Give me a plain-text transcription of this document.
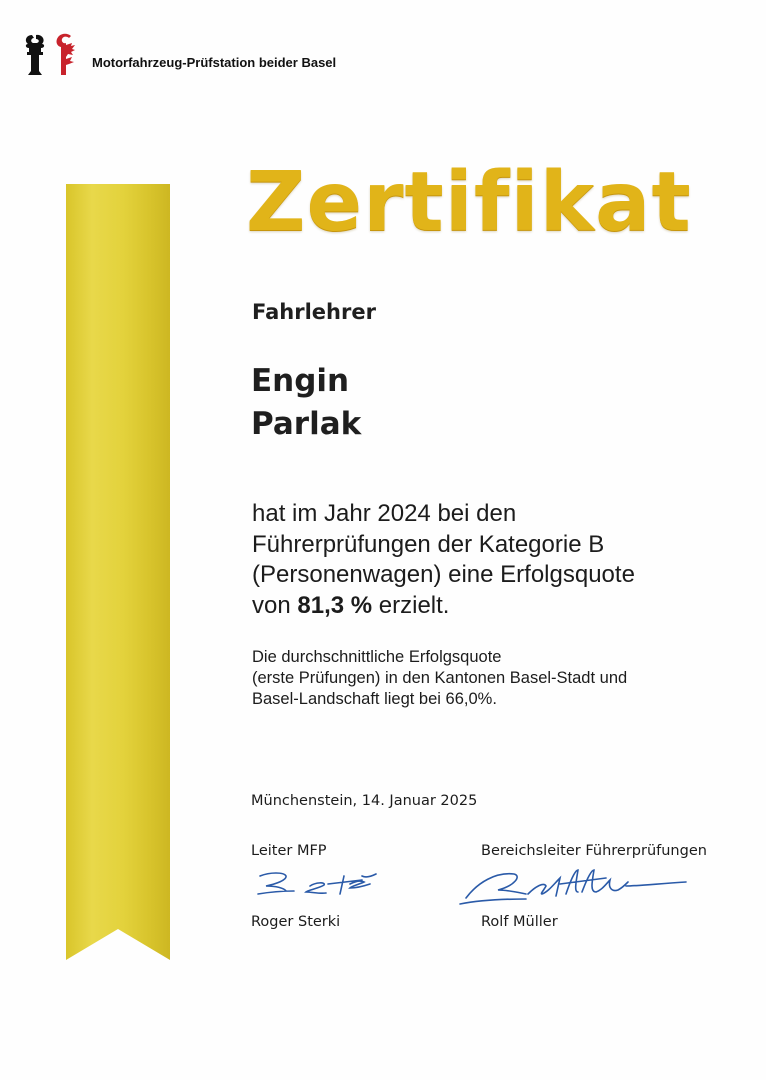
Motorfahrzeug-Prüfstation beider Basel
Zertifikat
Fahrlehrer
Engin
Parlak
hat im Jahr 2024 bei den
Führerprüfungen der Kategorie B
(Personenwagen) eine Erfolgsquote
von 81,3 % erzielt.
Die durchschnittliche Erfolgsquote
(erste Prüfungen) in den Kantonen Basel-Stadt und
Basel-Landschaft liegt bei 66,0%.
Münchenstein, 14. Januar 2025
Leiter MFP	Bereichsleiter Führerprüfungen
Roger Sterki	Rolf Müller
